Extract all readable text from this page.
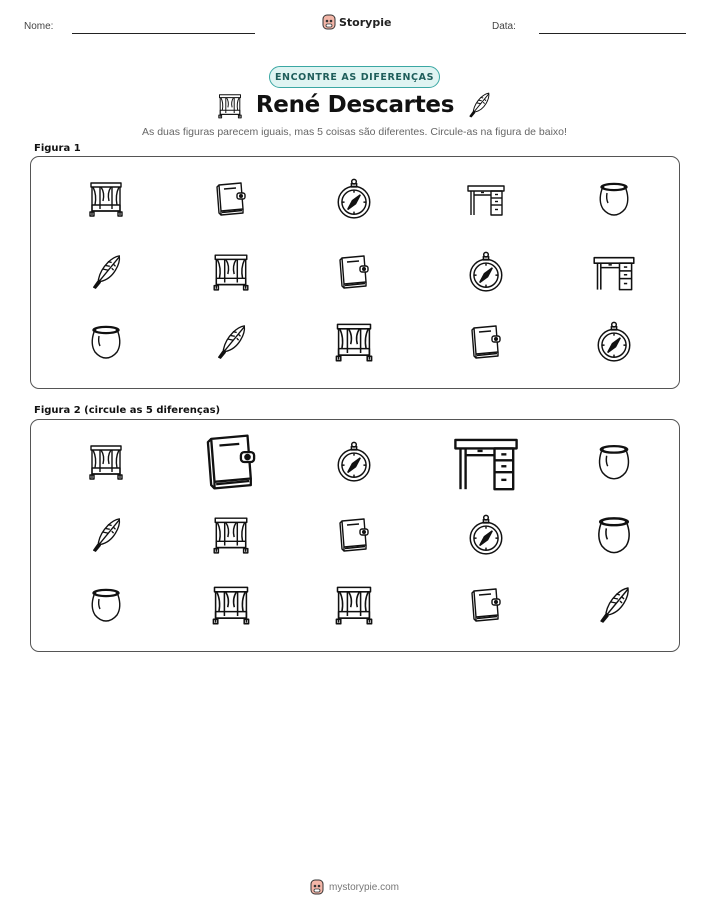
Nome:	Storypie	Data:
ENCONTRE AS DIFERENÇAS
René Descartes
As duas figuras parecem iguais, mas 5 coisas são diferentes. Circule-as na figura de baixo!
Figura 1
Figura 2 (circule as 5 diferenças)
mystorypie.com
